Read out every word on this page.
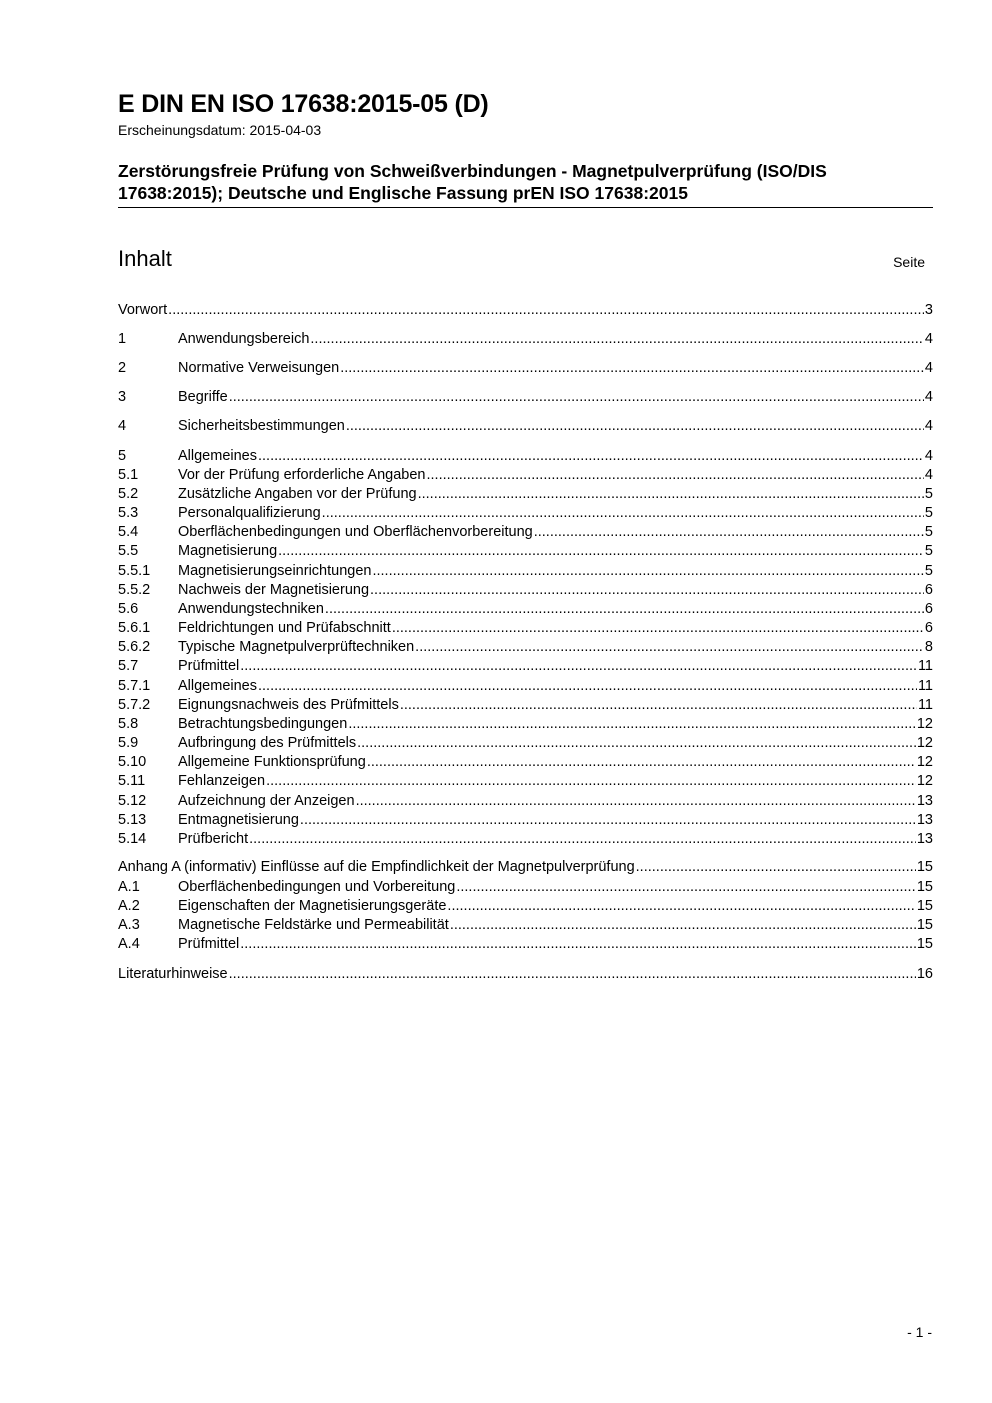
E DIN EN ISO 17638:2015-05 (D)
Erscheinungsdatum: 2015-04-03
Zerstörungsfreie Prüfung von Schweißverbindungen - Magnetpulverprüfung (ISO/DIS
17638:2015); Deutsche und Englische Fassung prEN ISO 17638:2015
Inhalt	Seite
Vorwort .....	3
1	Anwendungsbereich .....	4
2	Normative Verweisungen .....	4
3	Begriffe .....	4
4	Sicherheitsbestimmungen .....	4
5	Allgemeines .....	4
5.1	Vor der Prüfung erforderliche Angaben .....	4
5.2	Zusätzliche Angaben vor der Prüfung .....	5
5.3	Personalqualifizierung .....	5
5.4	Oberflächenbedingungen und Oberflächenvorbereitung .....	5
5.5	Magnetisierung .....	5
5.5.1	Magnetisierungseinrichtungen .....	5
5.5.2	Nachweis der Magnetisierung .....	6
5.6	Anwendungstechniken .....	6
5.6.1	Feldrichtungen und Prüfabschnitt .....	6
5.6.2	Typische Magnetpulverprüftechniken .....	8
5.7	Prüfmittel .....	11
5.7.1	Allgemeines .....	11
5.7.2	Eignungsnachweis des Prüfmittels .....	11
5.8	Betrachtungsbedingungen .....	12
5.9	Aufbringung des Prüfmittels .....	12
5.10	Allgemeine Funktionsprüfung .....	12
5.11	Fehlanzeigen .....	12
5.12	Aufzeichnung der Anzeigen .....	13
5.13	Entmagnetisierung .....	13
5.14	Prüfbericht .....	13
Anhang A (informativ) Einflüsse auf die Empfindlichkeit der Magnetpulverprüfung .....	15
A.1	Oberflächenbedingungen und Vorbereitung .....	15
A.2	Eigenschaften der Magnetisierungsgeräte .....	15
A.3	Magnetische Feldstärke und Permeabilität .....	15
A.4	Prüfmittel .....	15
Literaturhinweise .....	16
- 1 -
